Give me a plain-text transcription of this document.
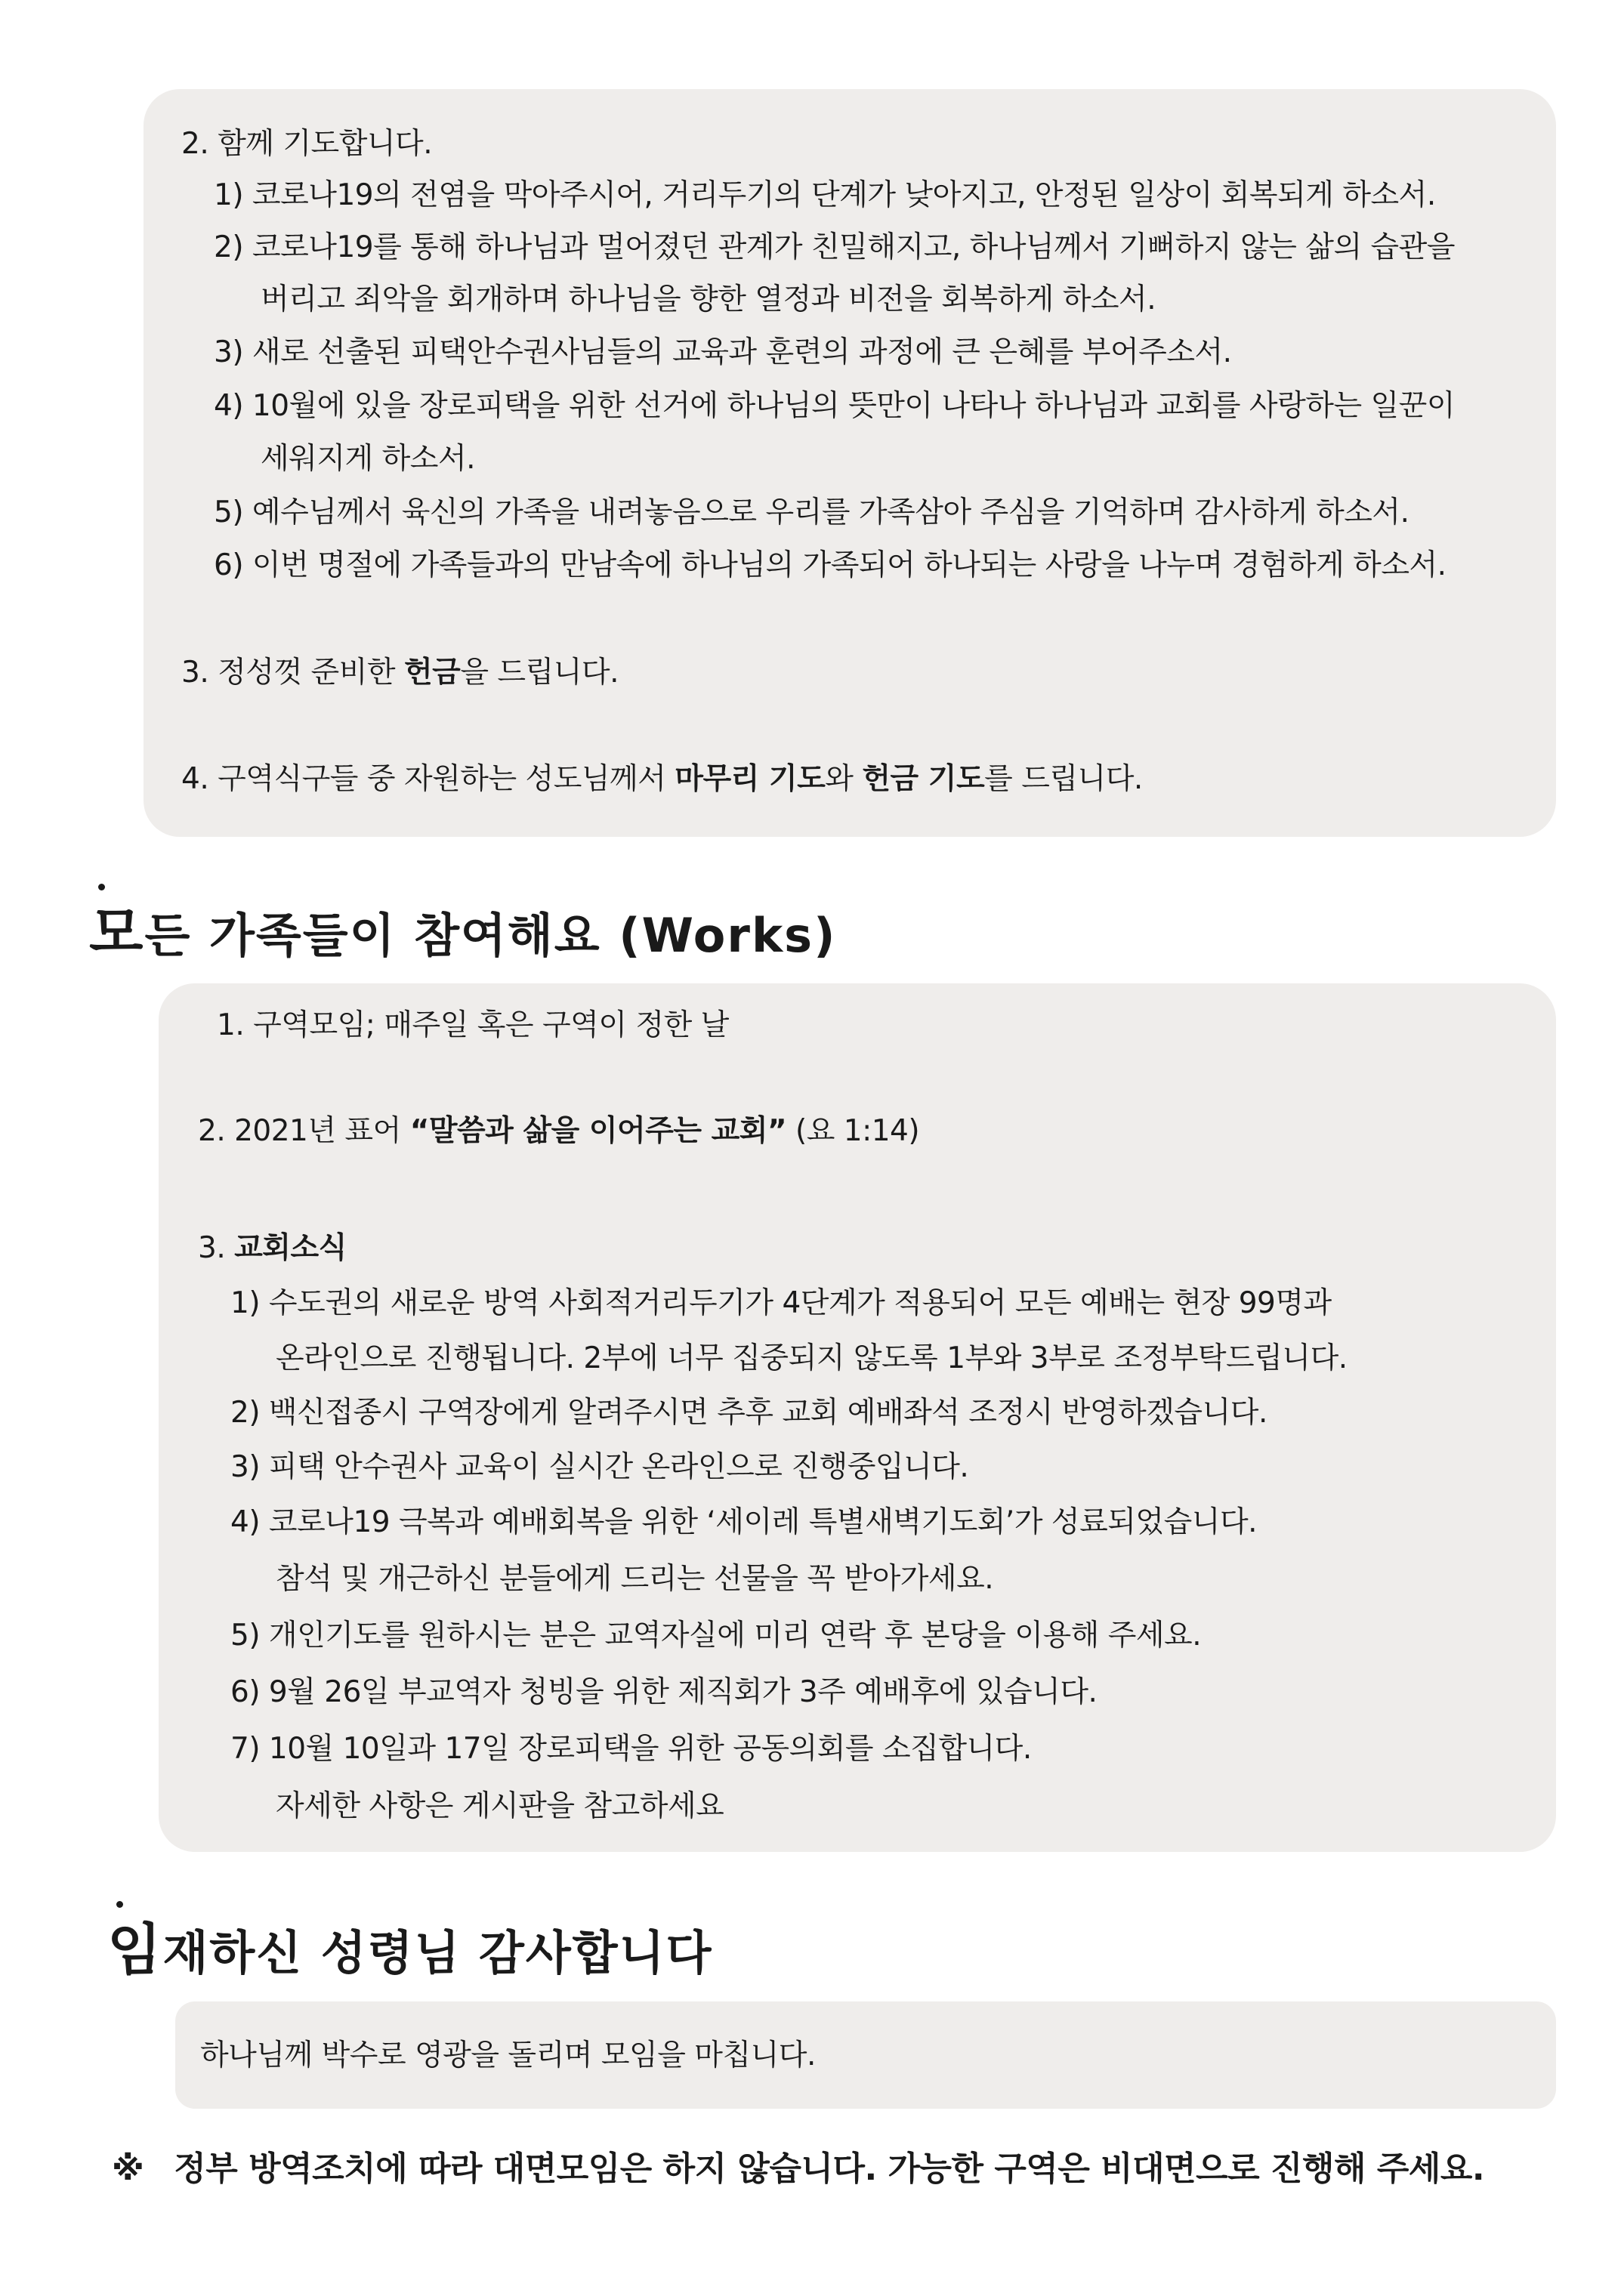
2. 함께 기도합니다.
1) 코로나19의 전염을 막아주시어, 거리두기의 단계가 낮아지고, 안정된 일상이 회복되게 하소서.
2) 코로나19를 통해 하나님과 멀어졌던 관계가 친밀해지고, 하나님께서 기뻐하지 않는 삶의 습관을
버리고 죄악을 회개하며 하나님을 향한 열정과 비전을 회복하게 하소서.
3) 새로 선출된 피택안수권사님들의 교육과 훈련의 과정에 큰 은혜를 부어주소서.
4) 10월에 있을 장로피택을 위한 선거에 하나님의 뜻만이 나타나 하나님과 교회를 사랑하는 일꾼이
세워지게 하소서.
5) 예수님께서 육신의 가족을 내려놓음으로 우리를 가족삼아 주심을 기억하며 감사하게 하소서.
6) 이번 명절에 가족들과의 만남속에 하나님의 가족되어 하나되는 사랑을 나누며 경험하게 하소서.
3. 정성껏 준비한 헌금을 드립니다.
4. 구역식구들 중 자원하는 성도님께서 마무리 기도와 헌금 기도를 드립니다.
모든 가족들이 참여해요 (Works)
1. 구역모임; 매주일 혹은 구역이 정한 날
2. 2021년 표어 “말씀과 삶을 이어주는 교회” (요 1:14)
3. 교회소식
1) 수도권의 새로운 방역 사회적거리두기가 4단계가 적용되어 모든 예배는 현장 99명과
온라인으로 진행됩니다. 2부에 너무 집중되지 않도록 1부와 3부로 조정부탁드립니다.
2) 백신접종시 구역장에게 알려주시면 추후 교회 예배좌석 조정시 반영하겠습니다.
3) 피택 안수권사 교육이 실시간 온라인으로 진행중입니다.
4) 코로나19 극복과 예배회복을 위한 ‘세이레 특별새벽기도회’가 성료되었습니다.
참석 및 개근하신 분들에게 드리는 선물을 꼭 받아가세요.
5) 개인기도를 원하시는 분은 교역자실에 미리 연락 후 본당을 이용해 주세요.
6) 9월 26일 부교역자 청빙을 위한 제직회가 3주 예배후에 있습니다.
7) 10월 10일과 17일 장로피택을 위한 공동의회를 소집합니다.
자세한 사항은 게시판을 참고하세요
임재하신 성령님 감사합니다
하나님께 박수로 영광을 돌리며 모임을 마칩니다.
※ 정부 방역조치에 따라 대면모임은 하지 않습니다. 가능한 구역은 비대면으로 진행해 주세요.
